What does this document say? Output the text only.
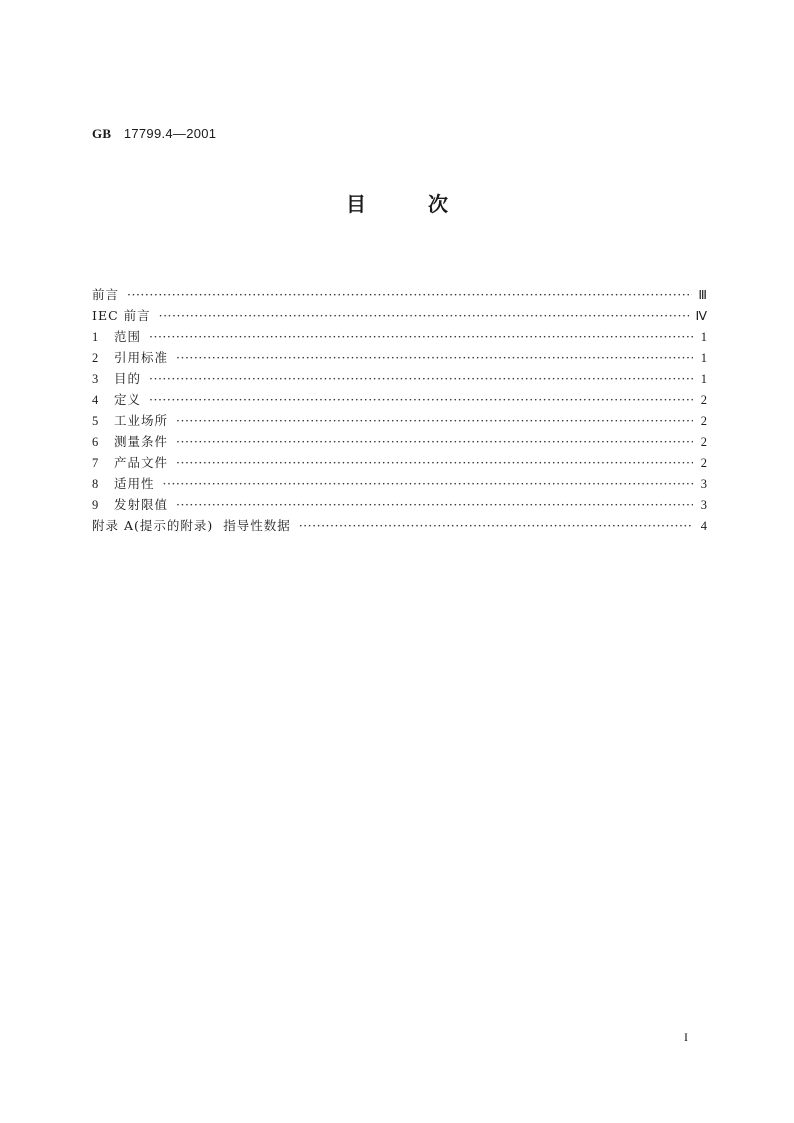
GB 17799.4—2001
目次
前言 ·····	Ⅲ
IEC 前言 ·····	Ⅳ
1	范围 ·····	1
2	引用标准 ·····	1
3	目的 ·····	1
4	定义 ·····	2
5	工业场所 ·····	2
6	测量条件 ·····	2
7	产品文件 ·····	2
8	适用性 ·····	3
9	发射限值 ·····	3
附录 A(提示的附录)  指导性数据 ·····	4
I
